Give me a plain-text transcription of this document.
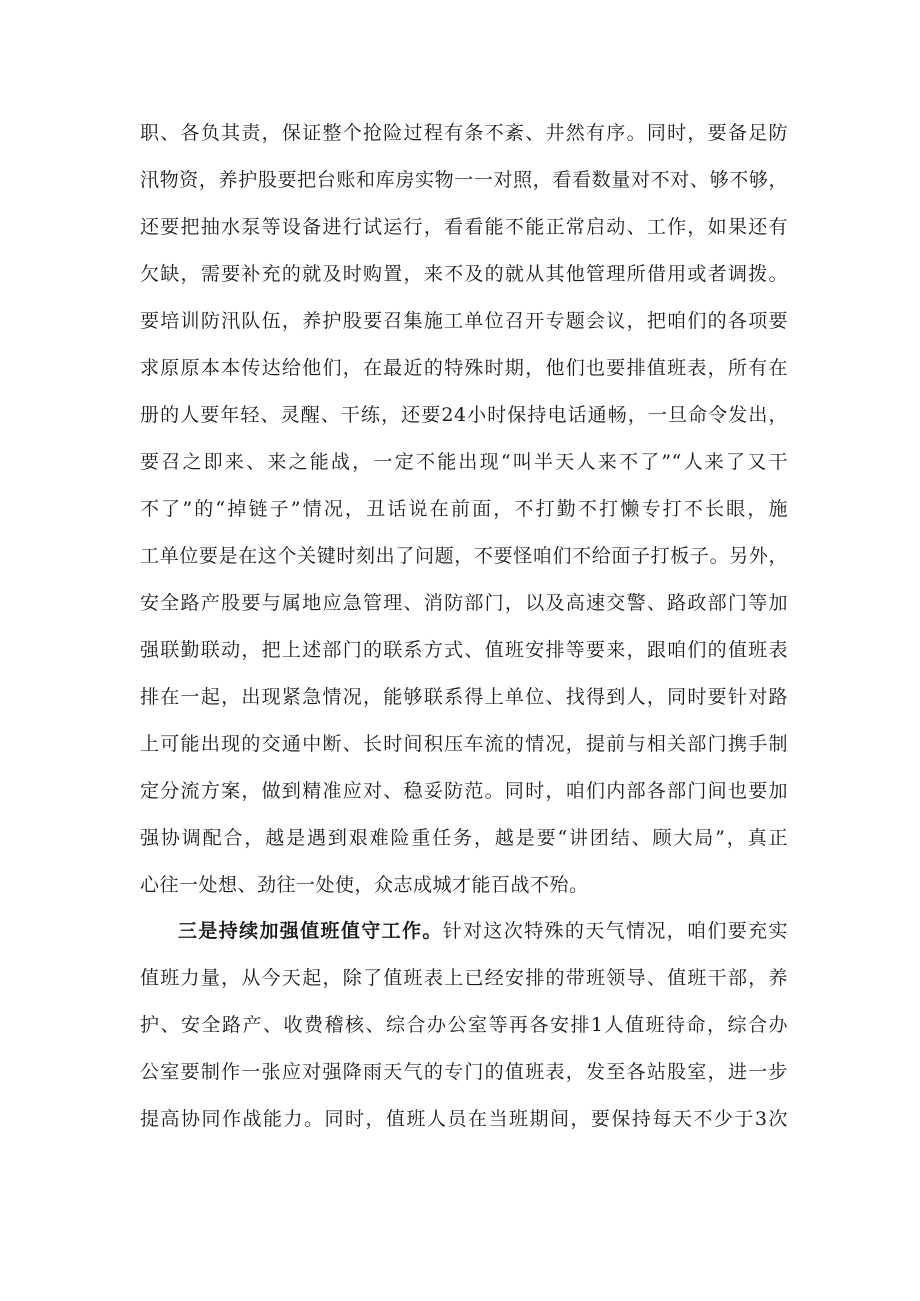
职、各负其责，保证整个抢险过程有条不紊、井然有序。同时，要备足防
汛物资，养护股要把台账和库房实物一一对照，看看数量对不对、够不够，
还要把抽水泵等设备进行试运行，看看能不能正常启动、工作，如果还有
欠缺，需要补充的就及时购置，来不及的就从其他管理所借用或者调拨。
要培训防汛队伍，养护股要召集施工单位召开专题会议，把咱们的各项要
求原原本本传达给他们，在最近的特殊时期，他们也要排值班表，所有在
册的人要年轻、灵醒、干练，还要24小时保持电话通畅，一旦命令发出，
要召之即来、来之能战，一定不能出现“叫半天人来不了”“人来了又干
不了”的“掉链子”情况，丑话说在前面，不打勤不打懒专打不长眼，施
工单位要是在这个关键时刻出了问题，不要怪咱们不给面子打板子。另外，
安全路产股要与属地应急管理、消防部门，以及高速交警、路政部门等加
强联勤联动，把上述部门的联系方式、值班安排等要来，跟咱们的值班表
排在一起，出现紧急情况，能够联系得上单位、找得到人，同时要针对路
上可能出现的交通中断、长时间积压车流的情况，提前与相关部门携手制
定分流方案，做到精准应对、稳妥防范。同时，咱们内部各部门间也要加
强协调配合，越是遇到艰难险重任务，越是要“讲团结、顾大局”，真正
心往一处想、劲往一处使，众志成城才能百战不殆。
三是持续加强值班值守工作。针对这次特殊的天气情况，咱们要充实
值班力量，从今天起，除了值班表上已经安排的带班领导、值班干部，养
护、安全路产、收费稽核、综合办公室等再各安排1人值班待命，综合办
公室要制作一张应对强降雨天气的专门的值班表，发至各站股室，进一步
提高协同作战能力。同时，值班人员在当班期间，要保持每天不少于3次
